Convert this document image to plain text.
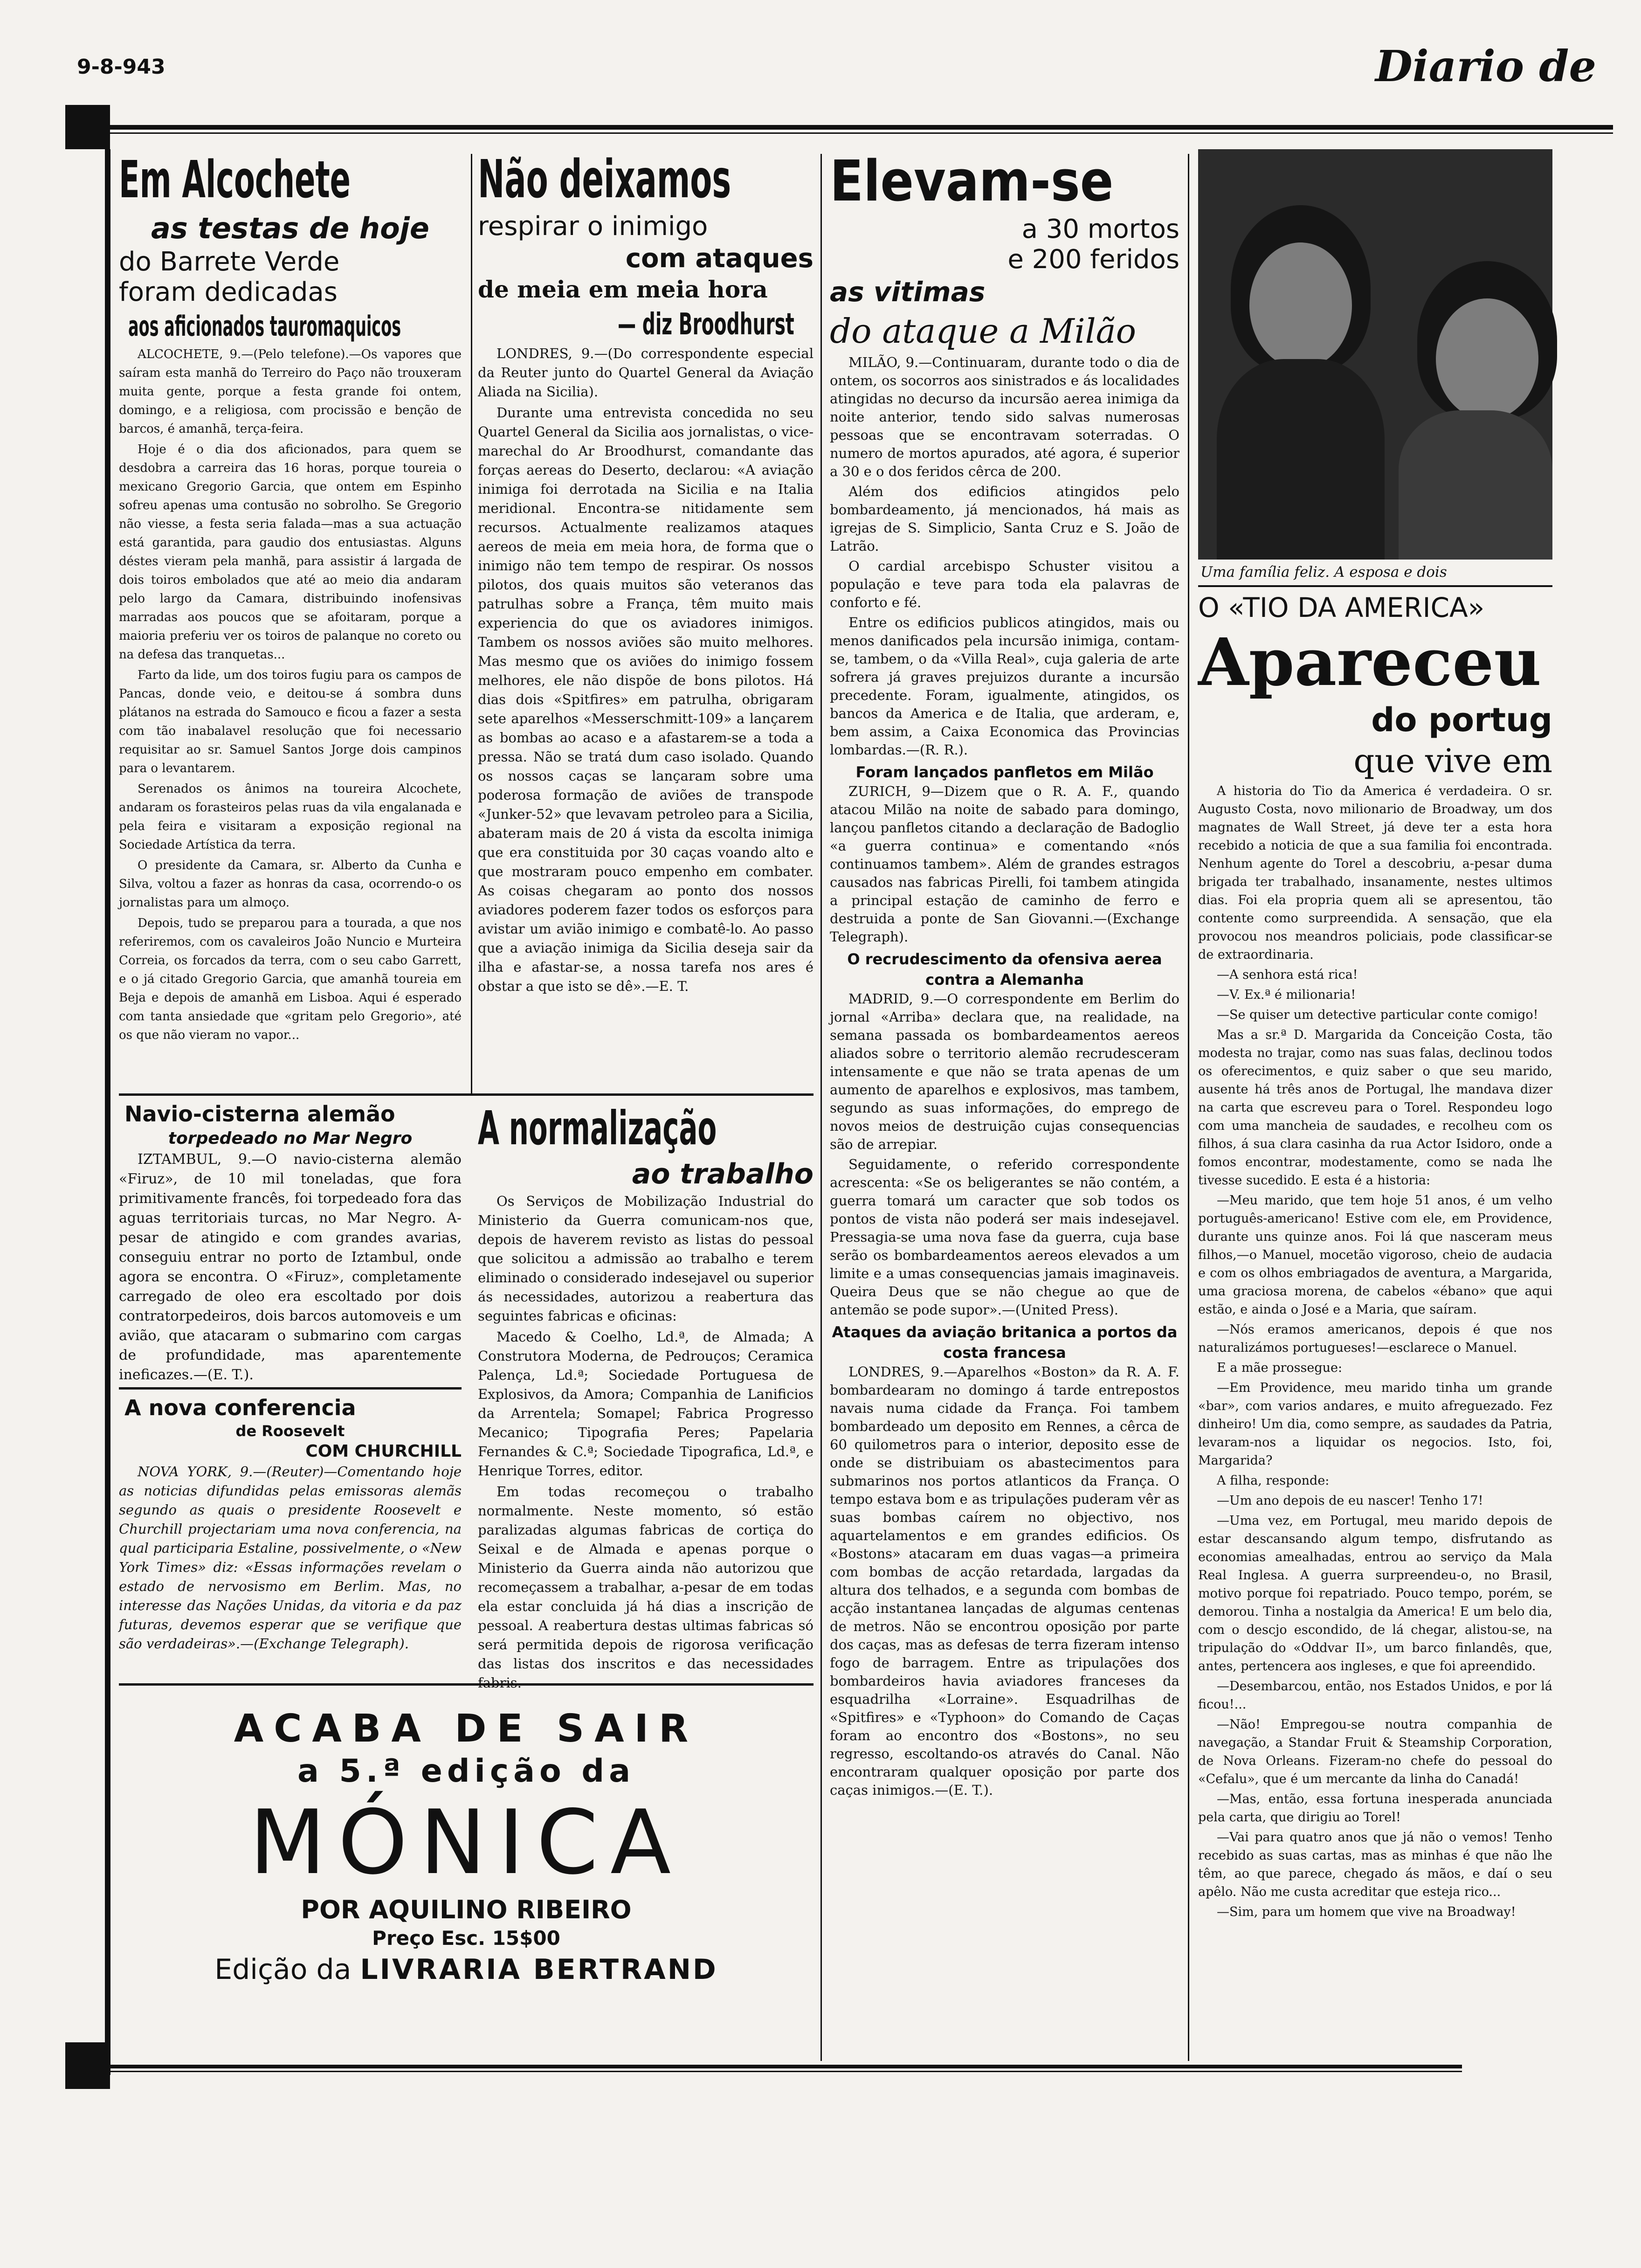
9-8-943	Diario de
Em Alcochete
as testas de hoje
do Barrete Verde
foram dedicadas
aos aficionados tauromaquicos

ALCOCHETE, 9.—(Pelo telefone).—Os vapores que saíram esta manhã do Terreiro do Paço não trouxeram muita gente, porque a festa grande foi ontem, domingo, e a religiosa, com procissão e benção de barcos, é amanhã, terça-feira.

Hoje é o dia dos aficionados, para quem se desdobra a carreira das 16 horas, porque toureia o mexicano Gregorio Garcia, que ontem em Espinho sofreu apenas uma contusão no sobrolho. Se Gregorio não viesse, a festa seria falada—mas a sua actuação está garantida, para gaudio dos entusiastas. Alguns déstes vieram pela manhã, para assistir á largada de dois toiros embolados que até ao meio dia andaram pelo largo da Camara, distribuindo inofensivas marradas aos poucos que se afoitaram, porque a maioria preferiu ver os toiros de palanque no coreto ou na defesa das tranquetas...

Farto da lide, um dos toiros fugiu para os campos de Pancas, donde veio, e deitou-se á sombra duns plátanos na estrada do Samouco e ficou a fazer a sesta com tão inabalavel resolução que foi necessario requisitar ao sr. Samuel Santos Jorge dois campinos para o levantarem.

Serenados os ânimos na toureira Alcochete, andaram os forasteiros pelas ruas da vila engalanada e pela feira e visitaram a exposição regional na Sociedade Artística da terra.

O presidente da Camara, sr. Alberto da Cunha e Silva, voltou a fazer as honras da casa, ocorrendo-o os jornalistas para um almoço.

Depois, tudo se preparou para a tourada, a que nos referiremos, com os cavaleiros João Nuncio e Murteira Correia, os forcados da terra, com o seu cabo Garrett, e o já citado Gregorio Garcia, que amanhã toureia em Beja e depois de amanhã em Lisboa. Aqui é esperado com tanta ansiedade que «gritam pelo Gregorio», até os que não vieram no vapor...

Navio-cisterna alemão
torpedeado no Mar Negro

IZTAMBUL, 9.—O navio-cisterna alemão «Firuz», de 10 mil toneladas, que fora primitivamente francês, foi torpedeado fora das aguas territoriais turcas, no Mar Negro. A-pesar de atingido e com grandes avarias, conseguiu entrar no porto de Iztambul, onde agora se encontra. O «Firuz», completamente carregado de oleo era escoltado por dois contratorpedeiros, dois barcos automoveis e um avião, que atacaram o submarino com cargas de profundidade, mas aparentemente ineficazes.—(E. T.).

A nova conferencia
de Roosevelt
COM CHURCHILL

NOVA YORK, 9.—(Reuter)—Comentando hoje as noticias difundidas pelas emissoras alemãs segundo as quais o presidente Roosevelt e Churchill projectariam uma nova conferencia, na qual participaria Estaline, possivelmente, o «New York Times» diz: «Essas informações revelam o estado de nervosismo em Berlim. Mas, no interesse das Nações Unidas, da vitoria e da paz futuras, devemos esperar que se verifique que são verdadeiras».—(Exchange Telegraph).

ACABA DE SAIR
a 5.ª edição da
MÓNICA
POR AQUILINO RIBEIRO
Preço Esc. 15$00
Edição da LIVRARIA BERTRAND
Não deixamos
respirar o inimigo
com ataques
de meia em meia hora
— diz Broodhurst

LONDRES, 9.—(Do correspondente especial da Reuter junto do Quartel General da Aviação Aliada na Sicilia).

Durante uma entrevista concedida no seu Quartel General da Sicilia aos jornalistas, o vice-marechal do Ar Broodhurst, comandante das forças aereas do Deserto, declarou: «A aviação inimiga foi derrotada na Sicilia e na Italia meridional. Encontra-se nitidamente sem recursos. Actualmente realizamos ataques aereos de meia em meia hora, de forma que o inimigo não tem tempo de respirar. Os nossos pilotos, dos quais muitos são veteranos das patrulhas sobre a França, têm muito mais experiencia do que os aviadores inimigos. Tambem os nossos aviões são muito melhores. Mas mesmo que os aviões do inimigo fossem melhores, ele não dispõe de bons pilotos. Há dias dois «Spitfires» em patrulha, obrigaram sete aparelhos «Messerschmitt-109» a lançarem as bombas ao acaso e a afastarem-se a toda a pressa. Não se tratá dum caso isolado. Quando os nossos caças se lançaram sobre uma poderosa formação de aviões de transpode «Junker-52» que levavam petroleo para a Sicilia, abateram mais de 20 á vista da escolta inimiga que era constituida por 30 caças voando alto e que mostraram pouco empenho em combater. As coisas chegaram ao ponto dos nossos aviadores poderem fazer todos os esforços para avistar um avião inimigo e combatê-lo. Ao passo que a aviação inimiga da Sicilia deseja sair da ilha e afastar-se, a nossa tarefa nos ares é obstar a que isto se dê».—E. T.

A normalização
ao trabalho

Os Serviços de Mobilização Industrial do Ministerio da Guerra comunicam-nos que, depois de haverem revisto as listas do pessoal que solicitou a admissão ao trabalho e terem eliminado o considerado indesejavel ou superior ás necessidades, autorizou a reabertura das seguintes fabricas e oficinas:

Macedo & Coelho, Ld.ª, de Almada; A Construtora Moderna, de Pedrouços; Ceramica Palença, Ld.ª; Sociedade Portuguesa de Explosivos, da Amora; Companhia de Lanificios da Arrentela; Somapel; Fabrica Progresso Mecanico; Tipografia Peres; Papelaria Fernandes & C.ª; Sociedade Tipografica, Ld.ª, e Henrique Torres, editor.

Em todas recomeçou o trabalho normalmente. Neste momento, só estão paralizadas algumas fabricas de cortiça do Seixal e de Almada e apenas porque o Ministerio da Guerra ainda não autorizou que recomeçassem a trabalhar, a-pesar de em todas ela estar concluida já há dias a inscrição de pessoal. A reabertura destas ultimas fabricas só será permitida depois de rigorosa verificação das listas dos inscritos e das necessidades fabris.

Elevam-se
a 30 mortos
e 200 feridos
as vitimas
do ataque a Milão

MILÃO, 9.—Continuaram, durante todo o dia de ontem, os socorros aos sinistrados e ás localidades atingidas no decurso da incursão aerea inimiga da noite anterior, tendo sido salvas numerosas pessoas que se encontravam soterradas. O numero de mortos apurados, até agora, é superior a 30 e o dos feridos cêrca de 200.

Além dos edificios atingidos pelo bombardeamento, já mencionados, há mais as igrejas de S. Simplicio, Santa Cruz e S. João de Latrão.

O cardial arcebispo Schuster visitou a população e teve para toda ela palavras de conforto e fé.

Entre os edificios publicos atingidos, mais ou menos danificados pela incursão inimiga, contam-se, tambem, o da «Villa Real», cuja galeria de arte sofrera já graves prejuizos durante a incursão precedente. Foram, igualmente, atingidos, os bancos da America e de Italia, que arderam, e, bem assim, a Caixa Economica das Provincias lombardas.—(R. R.).

Foram lançados panfletos em Milão

ZURICH, 9—Dizem que o R. A. F., quando atacou Milão na noite de sabado para domingo, lançou panfletos citando a declaração de Badoglio «a guerra continua» e comentando «nós continuamos tambem». Além de grandes estragos causados nas fabricas Pirelli, foi tambem atingida a principal estação de caminho de ferro e destruida a ponte de San Giovanni.—(Exchange Telegraph).

O recrudescimento da ofensiva aerea contra a Alemanha

MADRID, 9.—O correspondente em Berlim do jornal «Arriba» declara que, na realidade, na semana passada os bombardeamentos aereos aliados sobre o territorio alemão recrudesceram intensamente e que não se trata apenas de um aumento de aparelhos e explosivos, mas tambem, segundo as suas informações, do emprego de novos meios de destruição cujas consequencias são de arrepiar.

Seguidamente, o referido correspondente acrescenta: «Se os beligerantes se não contém, a guerra tomará um caracter que sob todos os pontos de vista não poderá ser mais indesejavel. Pressagia-se uma nova fase da guerra, cuja base serão os bombardeamentos aereos elevados a um limite e a umas consequencias jamais imaginaveis. Queira Deus que se não chegue ao que de antemão se pode supor».—(United Press).

Ataques da aviação britanica a portos da costa francesa

LONDRES, 9.—Aparelhos «Boston» da R. A. F. bombardearam no domingo á tarde entrepostos navais numa cidade da França. Foi tambem bombardeado um deposito em Rennes, a cêrca de 60 quilometros para o interior, deposito esse de onde se distribuiam os abastecimentos para submarinos nos portos atlanticos da França. O tempo estava bom e as tripulações puderam vêr as suas bombas caírem no objectivo, nos aquartelamentos e em grandes edificios. Os «Bostons» atacaram em duas vagas—a primeira com bombas de acção retardada, largadas da altura dos telhados, e a segunda com bombas de acção instantanea lançadas de algumas centenas de metros. Não se encontrou oposição por parte dos caças, mas as defesas de terra fizeram intenso fogo de barragem. Entre as tripulações dos bombardeiros havia aviadores franceses da esquadrilha «Lorraine». Esquadrilhas de «Spitfires» e «Typhoon» do Comando de Caças foram ao encontro dos «Bostons», no seu regresso, escoltando-os através do Canal. Não encontraram qualquer oposição por parte dos caças inimigos.—(E. T.).

Uma família feliz. A esposa e dois
O «TIO DA AMERICA»
Apareceu
do portug
que vive em

A historia do Tio da America é verdadeira. O sr. Augusto Costa, novo milionario de Broadway, um dos magnates de Wall Street, já deve ter a esta hora recebido a noticia de que a sua familia foi encontrada. Nenhum agente do Torel a descobriu, a-pesar duma brigada ter trabalhado, insanamente, nestes ultimos dias. Foi ela propria quem ali se apresentou, tão contente como surpreendida. A sensação, que ela provocou nos meandros policiais, pode classificar-se de extraordinaria.

—A senhora está rica!

—V. Ex.ª é milionaria!

—Se quiser um detective particular conte comigo!

Mas a sr.ª D. Margarida da Conceição Costa, tão modesta no trajar, como nas suas falas, declinou todos os oferecimentos, e quiz saber o que seu marido, ausente há três anos de Portugal, lhe mandava dizer na carta que escreveu para o Torel. Respondeu logo com uma mancheia de saudades, e recolheu com os filhos, á sua clara casinha da rua Actor Isidoro, onde a fomos encontrar, modestamente, como se nada lhe tivesse sucedido. E esta é a historia:

—Meu marido, que tem hoje 51 anos, é um velho português-americano! Estive com ele, em Providence, durante uns quinze anos. Foi lá que nasceram meus filhos,—o Manuel, mocetão vigoroso, cheio de audacia e com os olhos embriagados de aventura, a Margarida, uma graciosa morena, de cabelos «ébano» que aqui estão, e ainda o José e a Maria, que saíram.

—Nós eramos americanos, depois é que nos naturalizámos portugueses!—esclarece o Manuel.

E a mãe prossegue:

—Em Providence, meu marido tinha um grande «bar», com varios andares, e muito afreguezado. Fez dinheiro! Um dia, como sempre, as saudades da Patria, levaram-nos a liquidar os negocios. Isto, foi, Margarida?

A filha, responde:

—Um ano depois de eu nascer! Tenho 17!

—Uma vez, em Portugal, meu marido depois de estar descansando algum tempo, disfrutando as economias amealhadas, entrou ao serviço da Mala Real Inglesa. A guerra surpreendeu-o, no Brasil, motivo porque foi repatriado. Pouco tempo, porém, se demorou. Tinha a nostalgia da America! E um belo dia, com o descjo escondido, de lá chegar, alistou-se, na tripulação do «Oddvar II», um barco finlandês, que, antes, pertencera aos ingleses, e que foi apreendido.

—Desembarcou, então, nos Estados Unidos, e por lá ficou!...

—Não! Empregou-se noutra companhia de navegação, a Standar Fruit & Steamship Corporation, de Nova Orleans. Fizeram-no chefe do pessoal do «Cefalu», que é um mercante da linha do Canadá!

—Mas, então, essa fortuna inesperada anunciada pela carta, que dirigiu ao Torel!

—Vai para quatro anos que já não o vemos! Tenho recebido as suas cartas, mas as minhas é que não lhe têm, ao que parece, chegado ás mãos, e daí o seu apêlo. Não me custa acreditar que esteja rico...

—Sim, para um homem que vive na Broadway!
